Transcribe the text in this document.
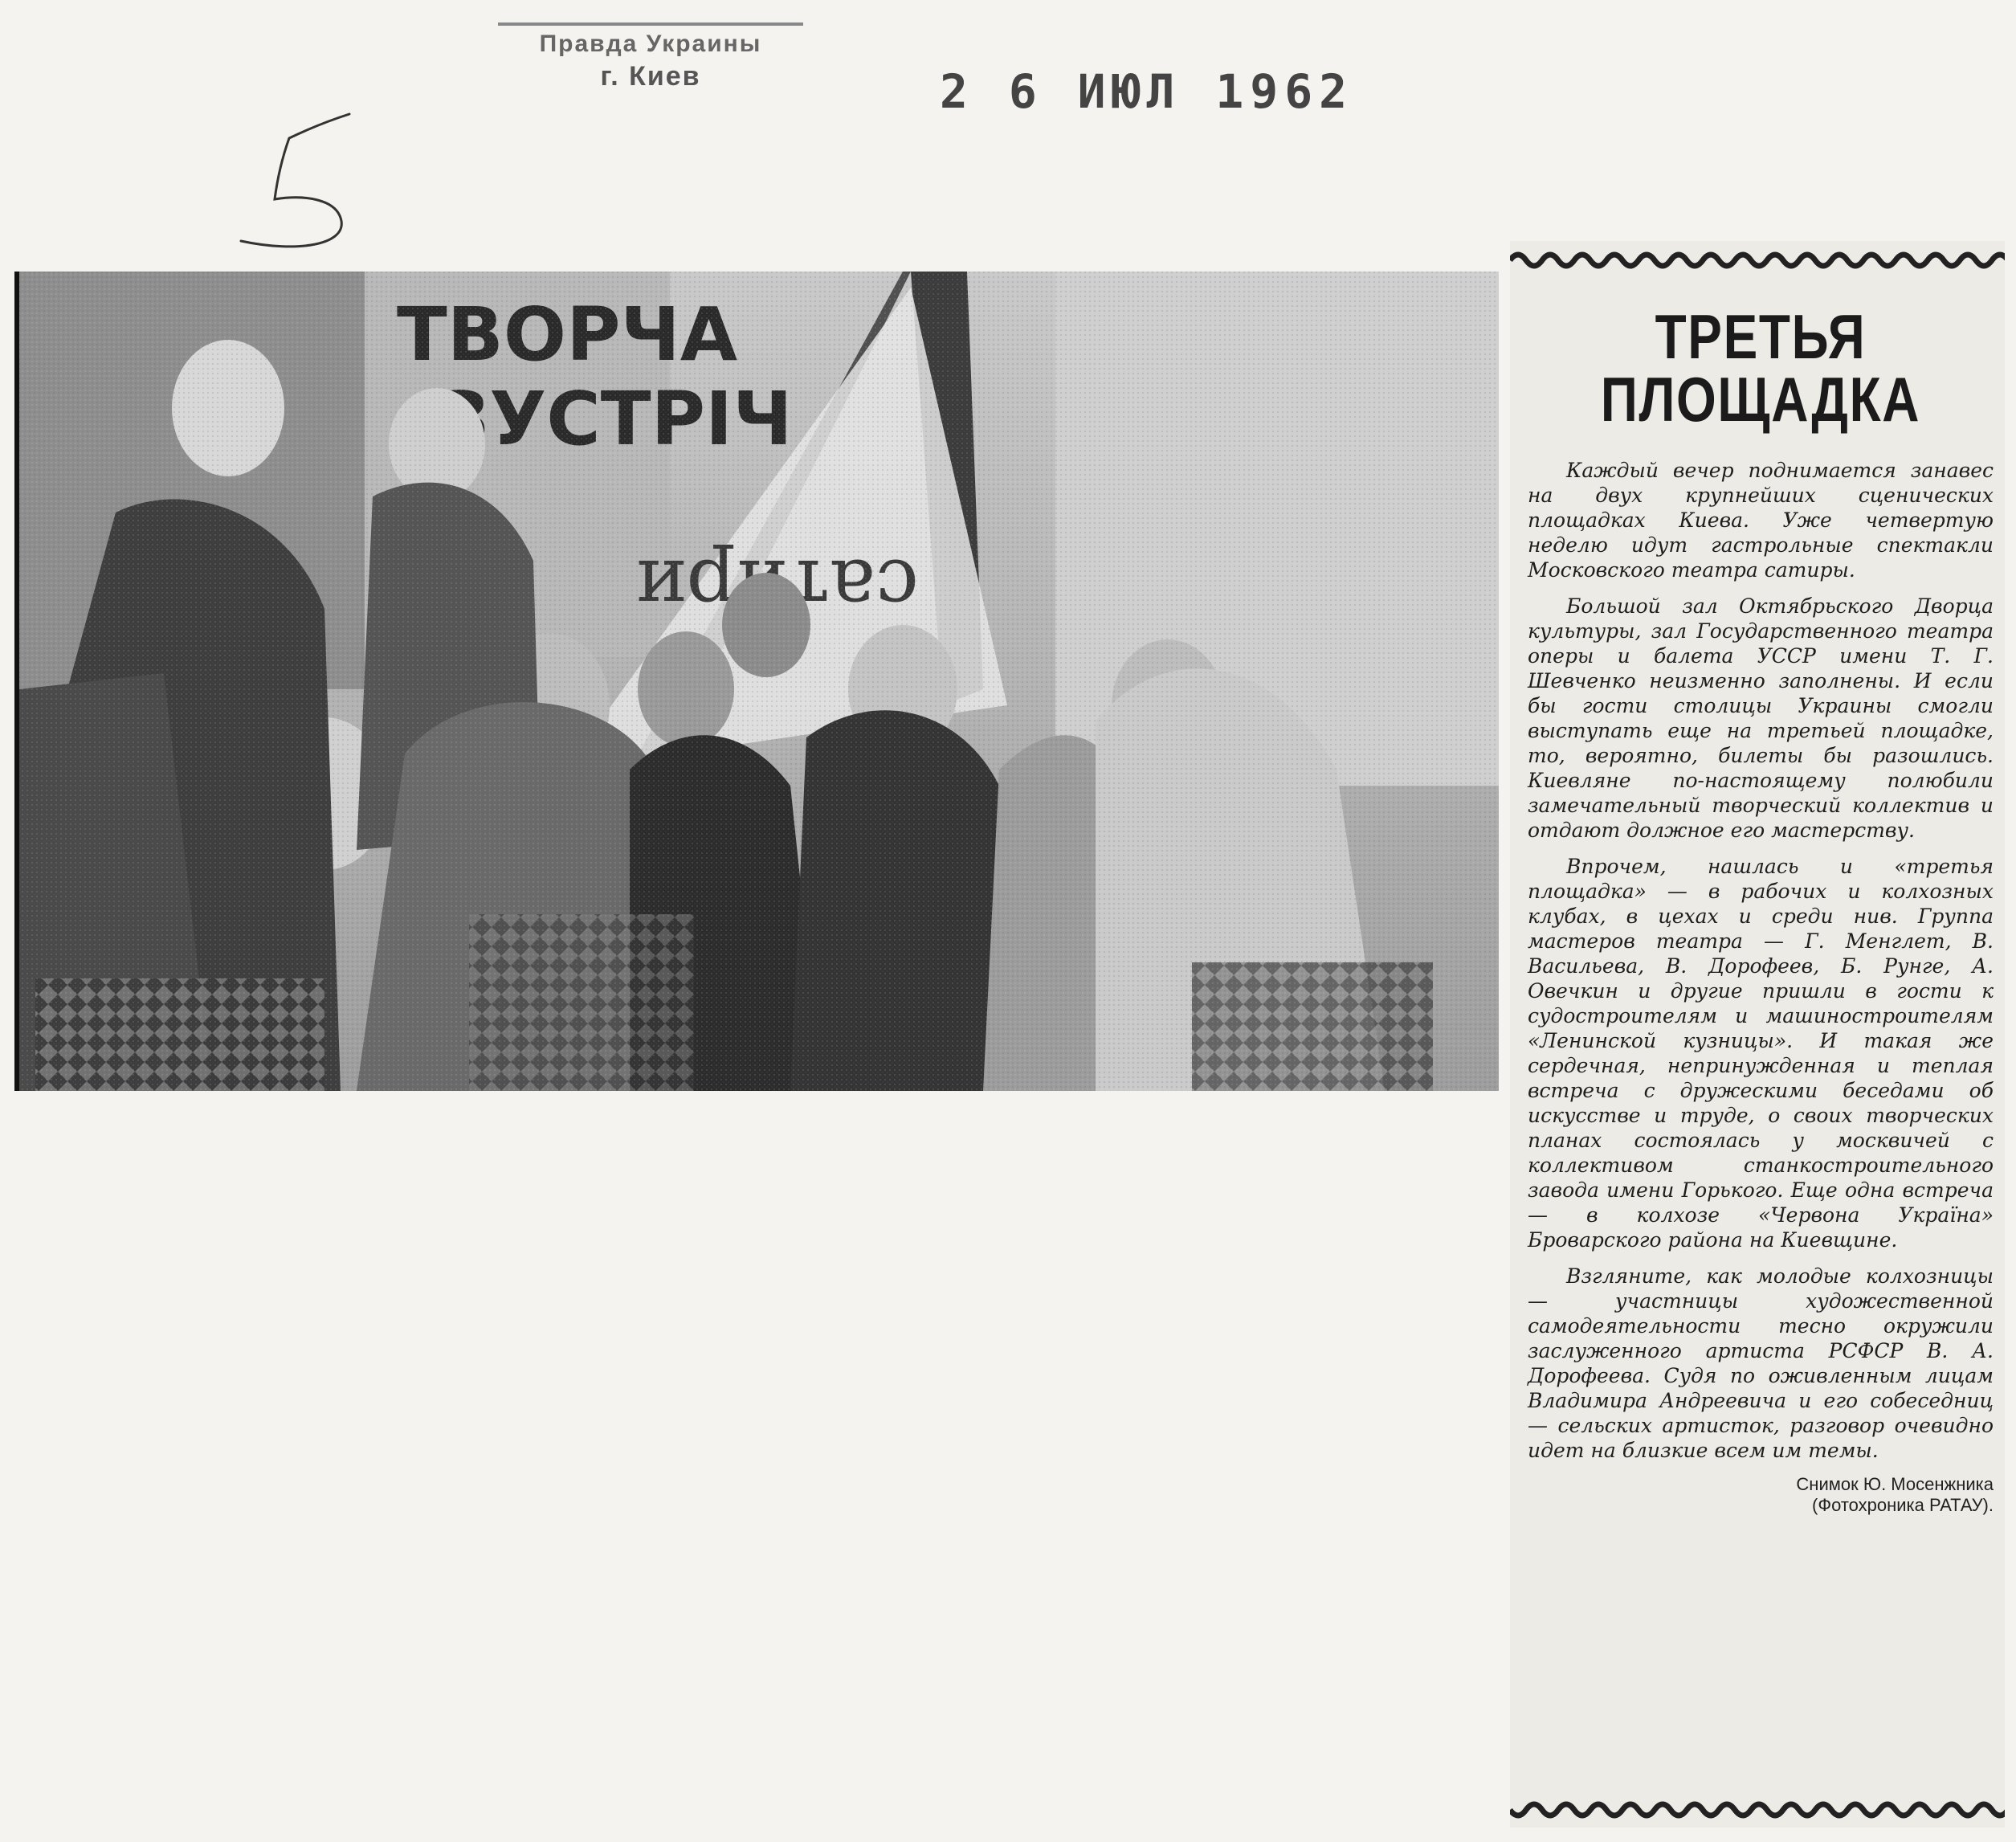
Правда Украины
г. Киев	2 6 ИЮЛ 1962
ТРЕТЬЯ
ПЛОЩАДКА

Каждый вечер поднимается занавес на двух крупнейших сценических площадках Киева. Уже четвертую неделю идут гастрольные спектакли Московского театра сатиры.

Большой зал Октябрьского Дворца культуры, зал Государственного театра оперы и балета УССР имени Т. Г. Шевченко неизменно заполнены. И если бы гости столицы Украины смогли выступать еще на третьей площадке, то, вероятно, билеты бы разошлись. Киевляне по-настоящему полюбили замечательный творческий коллектив и отдают должное его мастерству.

Впрочем, нашлась и «третья площадка» — в рабочих и колхозных клубах, в цехах и среди нив. Группа мастеров театра — Г. Менглет, В. Васильева, В. Дорофеев, Б. Рунге, А. Овечкин и другие пришли в гости к судостроителям и машиностроителям «Ленинской кузницы». И такая же сердечная, непринужденная и теплая встреча с дружескими беседами об искусстве и труде, о своих творческих планах состоялась у москвичей с коллективом станкостроительного завода имени Горького. Еще одна встреча — в колхозе «Червона Україна» Броварского района на Киевщине.

Взгляните, как молодые колхозницы — участницы художественной самодеятельности тесно окружили заслуженного артиста РСФСР В. А. Дорофеева. Судя по оживленным лицам Владимира Андреевича и его собеседниц — сельских артисток, разговор очевидно идет на близкие всем им темы.

Снимок Ю. Мосенжника
(Фотохроника РАТАУ).
